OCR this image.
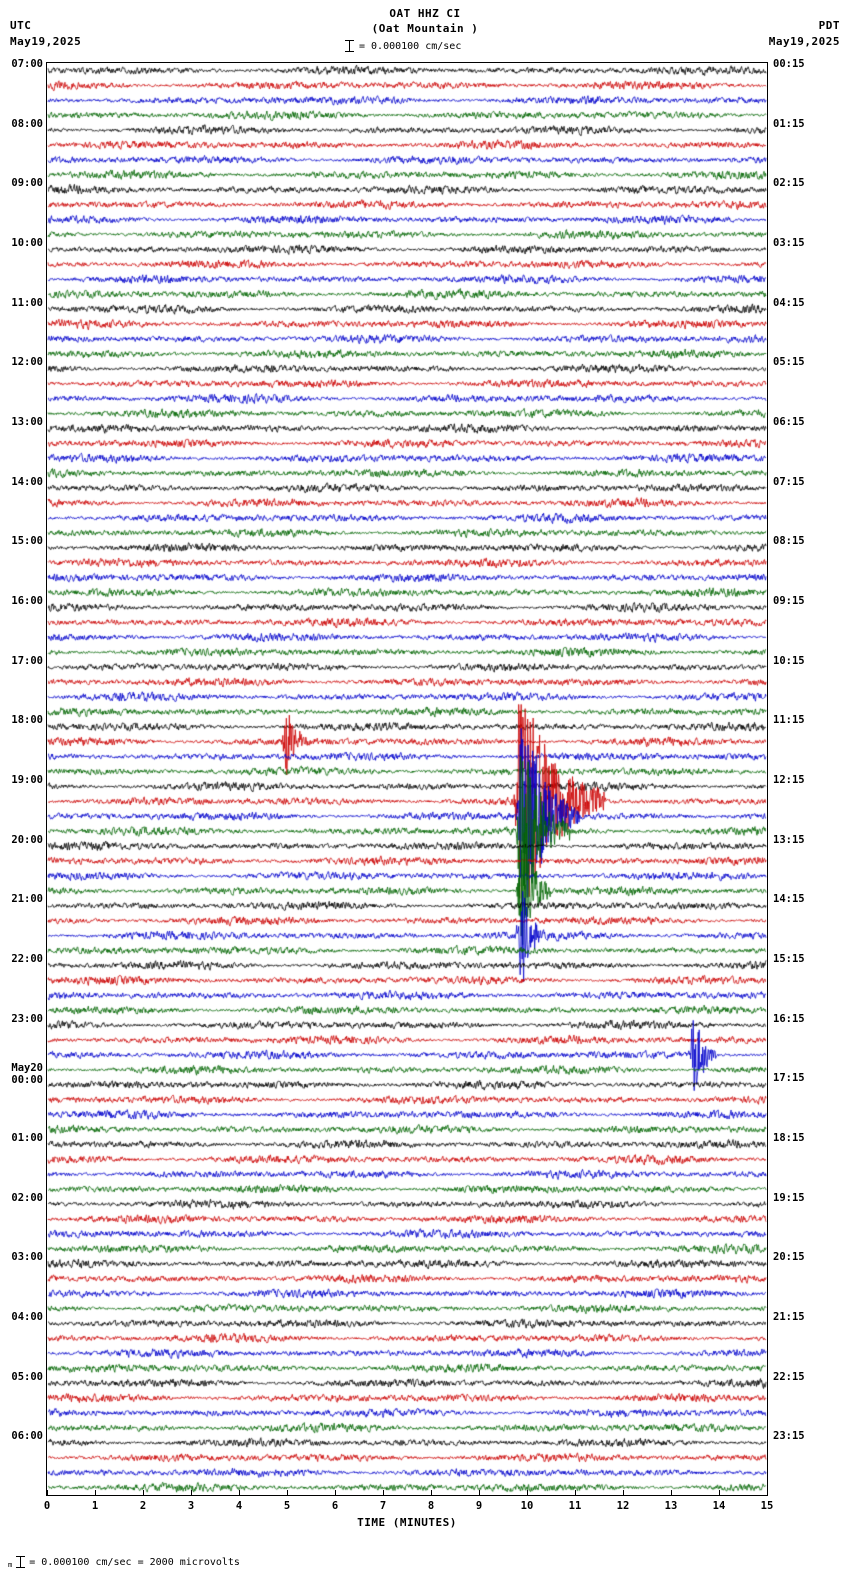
UTC
May19,2025
OAT HHZ CI
(Oat Mountain )
= 0.000100 cm/sec
PDT
May19,2025
07:00
08:00
09:00
10:00
11:00
12:00
13:00
14:00
15:00
16:00
17:00
18:00
19:00
20:00
21:00
22:00
23:00
May20
00:00
01:00
02:00
03:00
04:00
05:00
06:00
00:15
01:15
02:15
03:15
04:15
05:15
06:15
07:15
08:15
09:15
10:15
11:15
12:15
13:15
14:15
15:15
16:15
17:15
18:15
19:15
20:15
21:15
22:15
23:15
0	1	2	3	4	5	6	7	8	9	10	11	12	13	14	15
TIME (MINUTES)
m = 0.000100 cm/sec = 2000 microvolts
